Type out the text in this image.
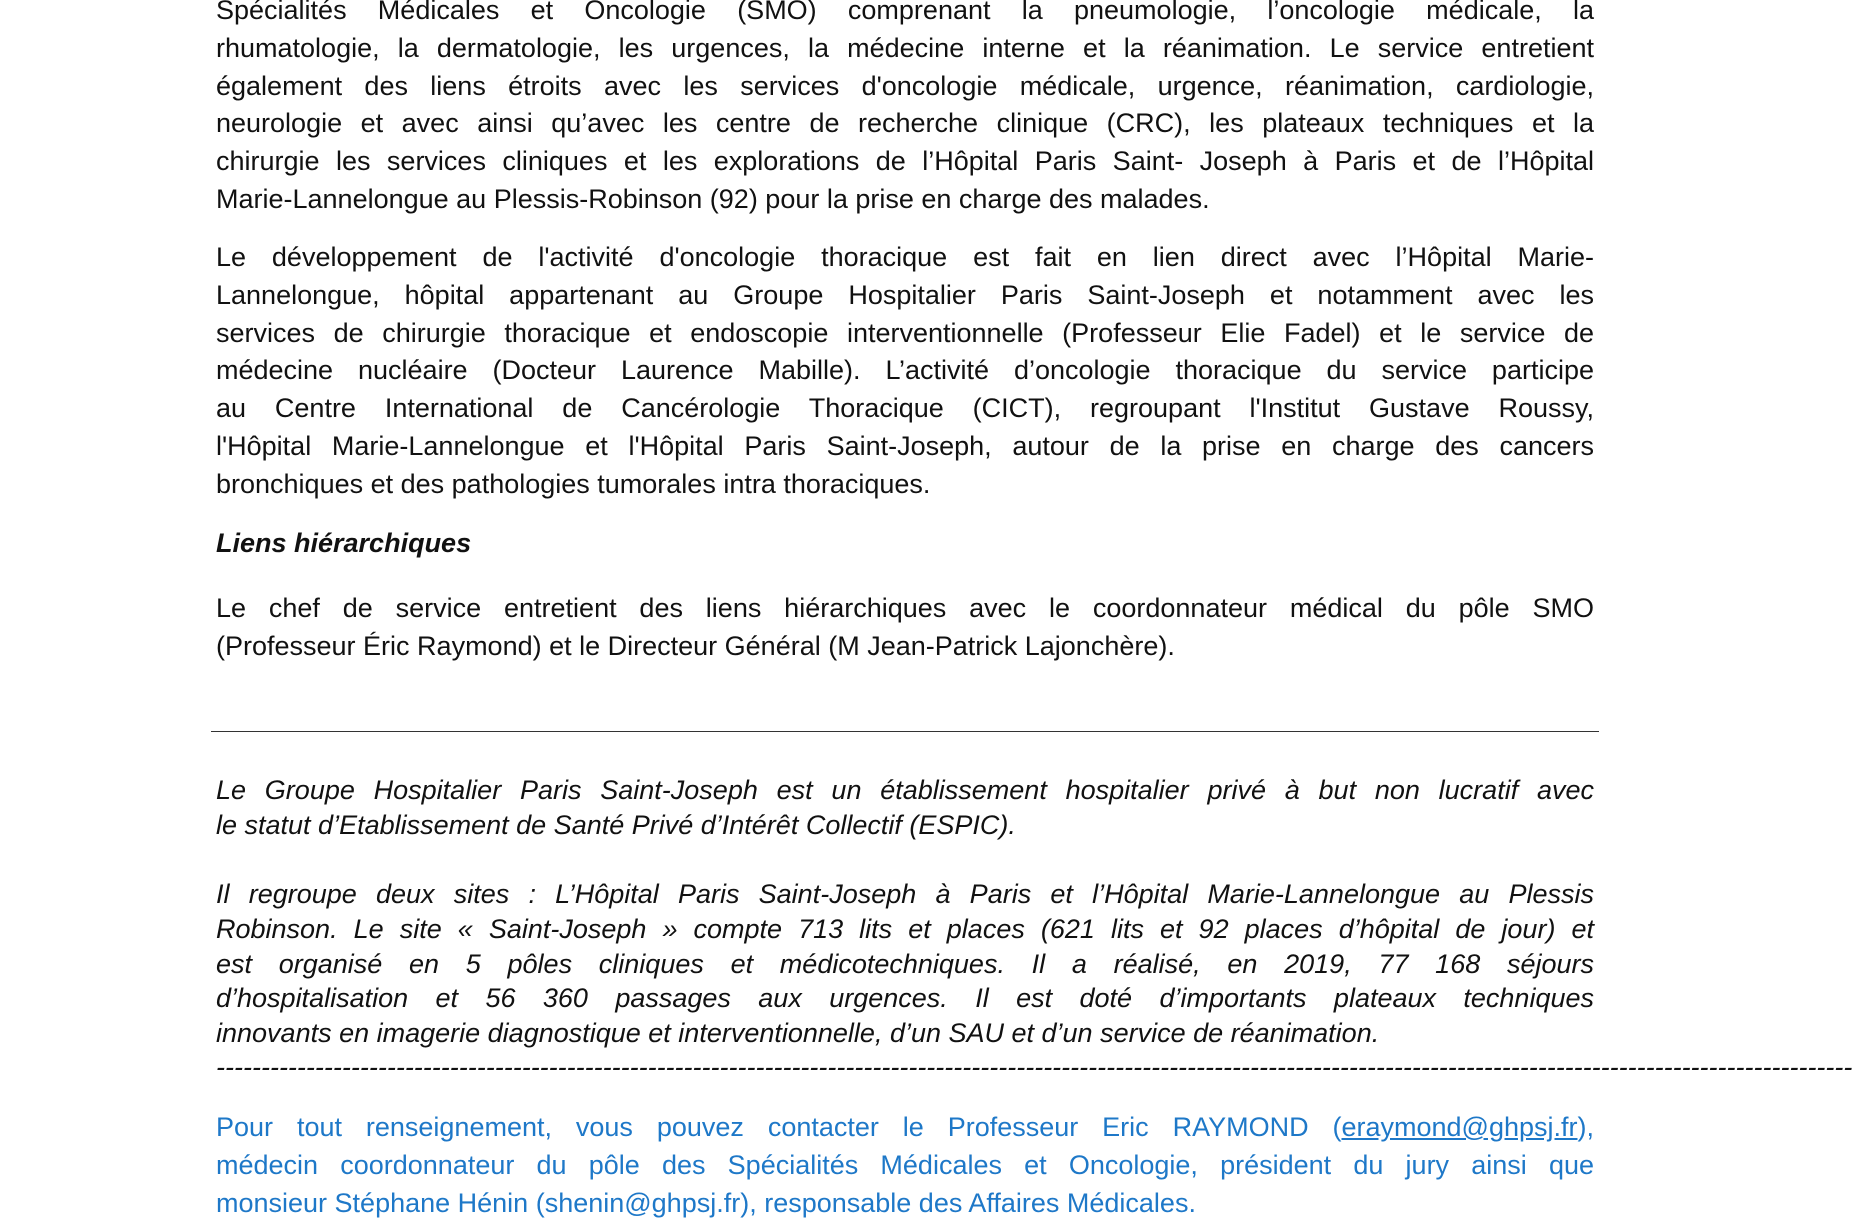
Spécialités Médicales et Oncologie (SMO) comprenant la pneumologie, l’oncologie médicale, la
rhumatologie, la dermatologie, les urgences, la médecine interne et la réanimation. Le service entretient
également des liens étroits avec les services d'oncologie médicale, urgence, réanimation, cardiologie,
neurologie et avec ainsi qu’avec les centre de recherche clinique (CRC), les plateaux techniques et la
chirurgie les services cliniques et les explorations de l’Hôpital Paris Saint- Joseph à Paris et de l’Hôpital
Marie-Lannelongue au Plessis-Robinson (92) pour la prise en charge des malades.
Le développement de l'activité d'oncologie thoracique est fait en lien direct avec l’Hôpital Marie-
Lannelongue, hôpital appartenant au Groupe Hospitalier Paris Saint-Joseph et notamment avec les
services de chirurgie thoracique et endoscopie interventionnelle (Professeur Elie Fadel) et le service de
médecine nucléaire (Docteur Laurence Mabille). L’activité d’oncologie thoracique du service participe
au Centre International de Cancérologie Thoracique (CICT), regroupant l'Institut Gustave Roussy,
l'Hôpital Marie-Lannelongue et l'Hôpital Paris Saint-Joseph, autour de la prise en charge des cancers
bronchiques et des pathologies tumorales intra thoraciques.
Liens hiérarchiques
Le chef de service entretient des liens hiérarchiques avec le coordonnateur médical du pôle SMO
(Professeur Éric Raymond) et le Directeur Général (M Jean-Patrick Lajonchère).
Le Groupe Hospitalier Paris Saint-Joseph est un établissement hospitalier privé à but non lucratif avec
le statut d’Etablissement de Santé Privé d’Intérêt Collectif (ESPIC).
Il regroupe deux sites : L’Hôpital Paris Saint-Joseph à Paris et l’Hôpital Marie-Lannelongue au Plessis
Robinson. Le site « Saint-Joseph » compte 713 lits et places (621 lits et 92 places d’hôpital de jour) et
est organisé en 5 pôles cliniques et médicotechniques. Il a réalisé, en 2019, 77 168 séjours
d’hospitalisation et 56 360 passages aux urgences. Il est doté d’importants plateaux techniques
innovants en imagerie diagnostique et interventionnelle, d’un SAU et d’un service de réanimation.
--------------------------------------------------------------------------------------------------------------------------------------------------------------------------------------
Pour tout renseignement, vous pouvez contacter le Professeur Eric RAYMOND (eraymond@ghpsj.fr),
médecin coordonnateur du pôle des Spécialités Médicales et Oncologie, président du jury ainsi que
monsieur Stéphane Hénin (shenin@ghpsj.fr), responsable des Affaires Médicales.
